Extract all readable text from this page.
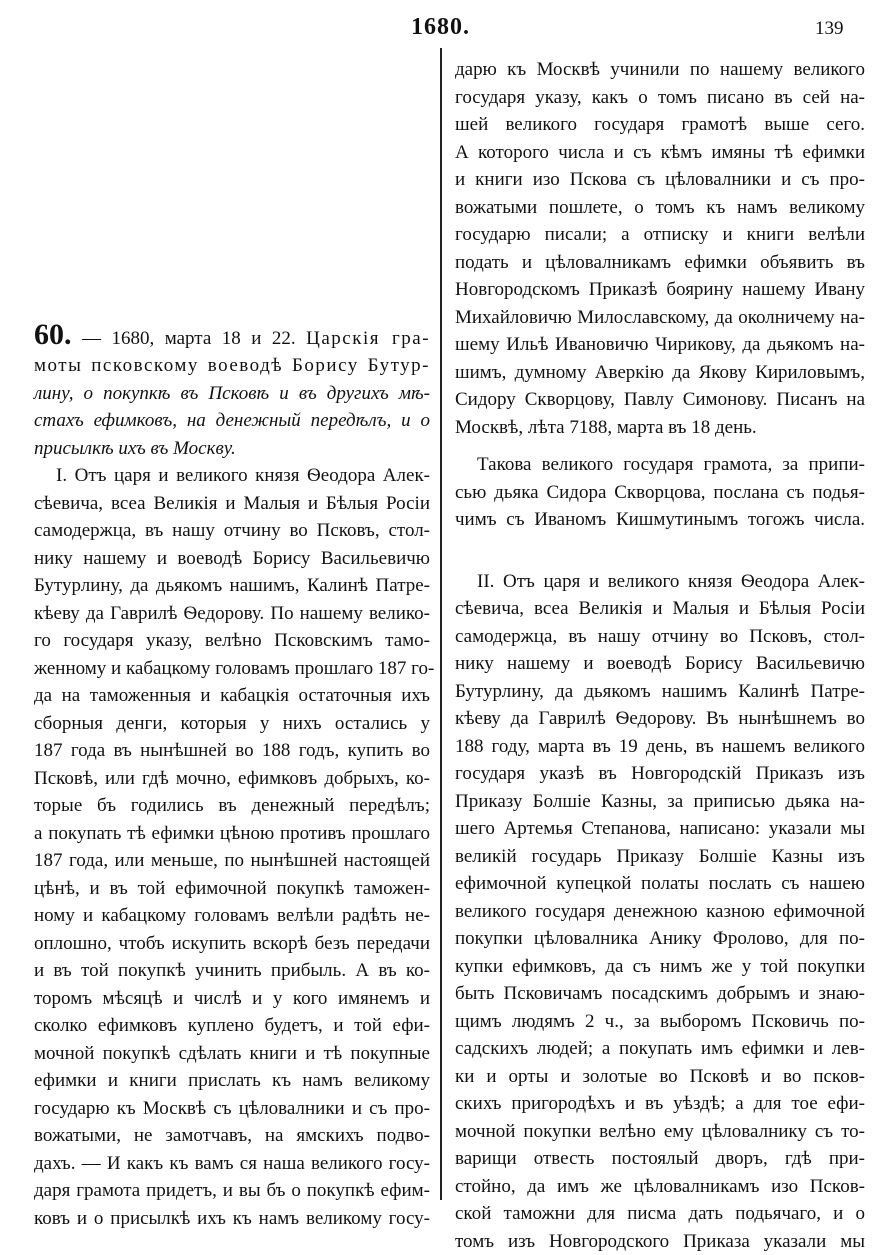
1680.	139
60. — 1680, марта 18 и 22. Царскія гра-
моты псковскому воеводѣ Борису Бутур-
лину, о покупкѣ въ Псковѣ и въ другихъ мѣ-
стахъ ефимковъ, на денежный передѣлъ, и о
присылкѣ ихъ въ Москву.
I. Отъ царя и великого князя Ѳеодора Алек-
сѣевича, всеа Великія и Малыя и Бѣлыя Росіи
самодержца, въ нашу отчину во Псковъ, стол-
нику нашему и воеводѣ Борису Васильевичю
Бутурлину, да дьякомъ нашимъ, Калинѣ Патре-
кѣеву да Гаврилѣ Ѳедорову. По нашему велико-
го государя указу, велѣно Псковскимъ тамо-
женному и кабацкому головамъ прошлаго 187 го-
да на таможенныя и кабацкія остаточныя ихъ
сборныя денги, которыя у нихъ остались у
187 года въ нынѣшней во 188 годъ, купить во
Псковѣ, или гдѣ мочно, ефимковъ добрыхъ, ко-
торые бъ годились въ денежный передѣлъ;
а покупать тѣ ефимки цѣною противъ прошлаго
187 года, или меньше, по нынѣшней настоящей
цѣнѣ, и въ той ефимочной покупкѣ таможен-
ному и кабацкому головамъ велѣли радѣть не-
оплошно, чтобъ искупить вскорѣ безъ передачи
и въ той покупкѣ учинить прибыль. А въ ко-
торомъ мѣсяцѣ и числѣ и у кого имянемъ и
сколко ефимковъ куплено будетъ, и той ефи-
мочной покупкѣ сдѣлать книги и тѣ покупные
ефимки и книги прислать къ намъ великому
государю къ Москвѣ съ цѣловалники и съ про-
вожатыми, не замотчавъ, на ямскихъ подво-
дахъ. — И какъ къ вамъ ся наша великого госу-
даря грамота придетъ, и вы бъ о покупкѣ ефим-
ковъ и о присылкѣ ихъ къ намъ великому госу-
дарю къ Москвѣ учинили по нашему великого
государя указу, какъ о томъ писано въ сей на-
шей великого государя грамотѣ выше сего.
А которого числа и съ кѣмъ имяны тѣ ефимки
и книги изо Пскова съ цѣловалники и съ про-
вожатыми пошлете, о томъ къ намъ великому
государю писали; а отписку и книги велѣли
подать и цѣловалникамъ ефимки объявить въ
Новгородскомъ Приказѣ боярину нашему Ивану
Михайловичю Милославскому, да околничему на-
шему Ильѣ Ивановичю Чирикову, да дьякомъ на-
шимъ, думному Аверкію да Якову Кириловымъ,
Сидору Скворцову, Павлу Симонову. Писанъ на
Москвѣ, лѣта 7188, марта въ 18 день.
Такова великого государя грамота, за припи-
сью дьяка Сидора Скворцова, послана съ подья-
чимъ съ Иваномъ Кишмутинымъ тогожъ числа.
II. Отъ царя и великого князя Ѳеодора Алек-
сѣевича, всеа Великія и Малыя и Бѣлыя Росіи
самодержца, въ нашу отчину во Псковъ, стол-
нику нашему и воеводѣ Борису Васильевичю
Бутурлину, да дьякомъ нашимъ Калинѣ Патре-
кѣеву да Гаврилѣ Ѳедорову. Въ нынѣшнемъ во
188 году, марта въ 19 день, въ нашемъ великого
государя указѣ въ Новгородскій Приказъ изъ
Приказу Болшіе Казны, за приписью дьяка на-
шего Артемья Степанова, написано: указали мы
великій государь Приказу Болшіе Казны изъ
ефимочной купецкой полаты послать съ нашею
великого государя денежною казною ефимочной
покупки цѣловалника Анику Фролово, для по-
купки ефимковъ, да съ нимъ же у той покупки
быть Псковичамъ посадскимъ добрымъ и знаю-
щимъ людямъ 2 ч., за выборомъ Псковичь по-
садскихъ людей; а покупать имъ ефимки и лев-
ки и орты и золотые во Псковѣ и во псков-
скихъ пригородѣхъ и въ уѣздѣ; а для тое ефи-
мочной покупки велѣно ему цѣловалнику съ то-
варищи отвесть постоялый дворъ, гдѣ при-
стойно, да имъ же цѣловалникамъ изо Псков-
ской таможни для писма дать подьячаго, и о
томъ изъ Новгородского Приказа указали мы
